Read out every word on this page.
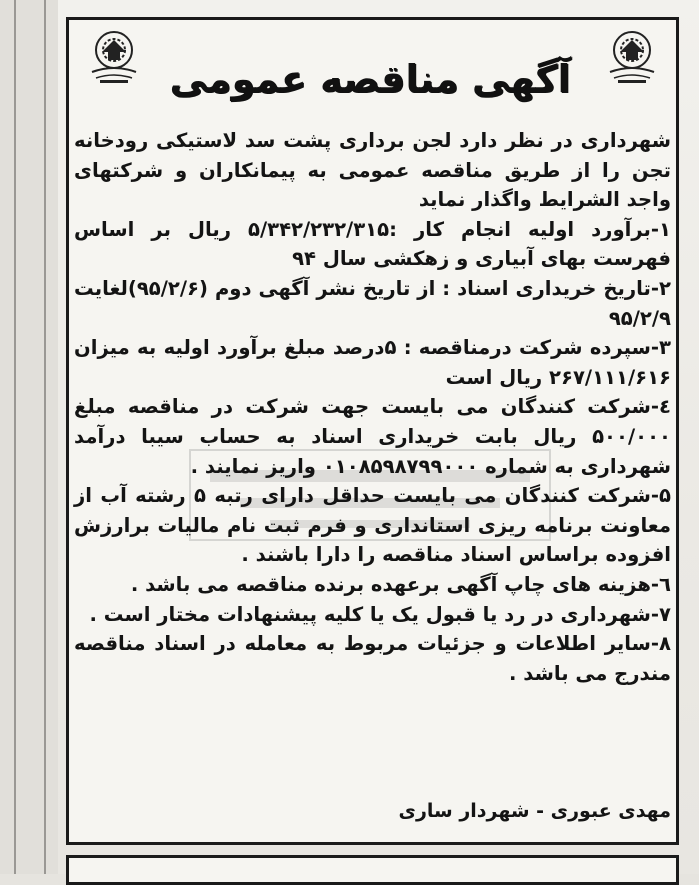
آگهی مناقصه عمومی

شهرداری در نظر دارد لجن برداری پشت سد لاستیکی رودخانه تجن را از طریق مناقصه عمومی به پیمانکاران و شرکتهای واجد الشرایط واگذار نماید

۱-برآورد اولیه انجام کار :۵/۳۴۲/۲۳۲/۳۱۵ ریال بر اساس فهرست بهای آبیاری و زهکشی سال ۹۴

۲-تاریخ خریداری اسناد : از تاریخ نشر آگهی دوم (۹۵/۲/۶)لغایت ۹۵/۲/۹

۳-سپرده شرکت درمناقصه : ۵درصد مبلغ برآورد اولیه به میزان ۲۶۷/۱۱۱/۶۱۶ ریال است

٤-شرکت کنندگان می بایست جهت شرکت در مناقصه مبلغ ۵۰۰/۰۰۰ ریال بابت خریداری اسناد به حساب سیبا درآمد شهرداری به شماره ۰۱۰۸۵۹۸۷۹۹۰۰۰ واریز نمایند .

۵-شرکت کنندگان می بایست حداقل دارای رتبه ۵ رشته آب از معاونت برنامه ریزی استانداری و فرم ثبت نام مالیات برارزش افزوده براساس اسناد مناقصه را دارا باشند .

٦-هزینه های چاپ آگهی برعهده برنده مناقصه می باشد .

۷-شهرداری در رد یا قبول یک یا کلیه پیشنهادات مختار است .

۸-سایر اطلاعات و جزئیات مربوط به معامله در اسناد مناقصه مندرج می باشد .

مهدی عبوری - شهردار ساری
